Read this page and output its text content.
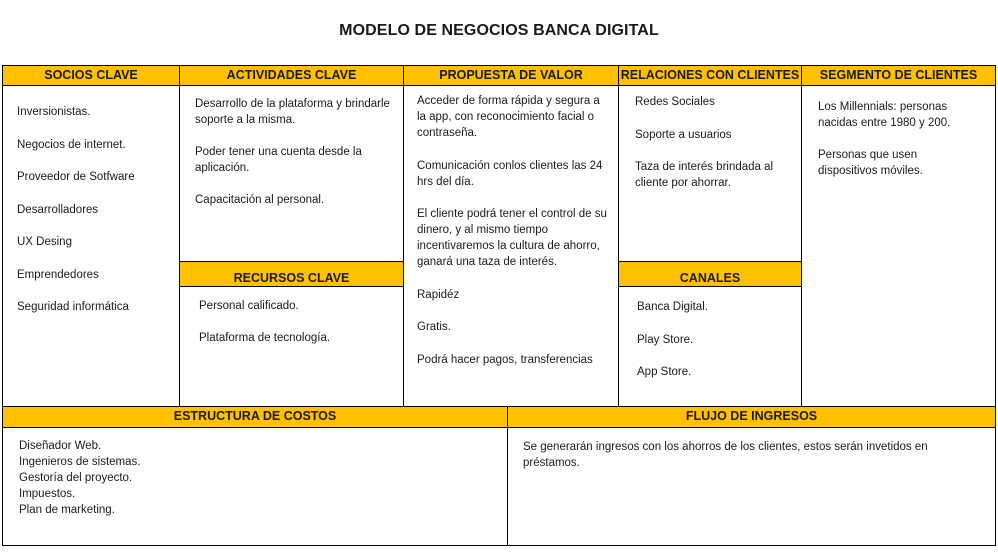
MODELO DE NEGOCIOS BANCA DIGITAL
SOCIOS CLAVE	ACTIVIDADES CLAVE	PROPUESTA DE VALOR	RELACIONES CON CLIENTES	SEGMENTO DE CLIENTES
RECURSOS CLAVE	CANALES
ESTRUCTURA DE COSTOS	FLUJO DE INGRESOS
Inversionistas.
Negocios de internet.
Proveedor de Sotfware
Desarrolladores
UX Desing
Emprendedores
Seguridad informática
Desarrollo de la plataforma y brindarle soporte a la misma.
Poder tener una cuenta desde la aplicación.
Capacitación al personal.
Personal calificado.
Plataforma de tecnología.
Acceder de forma rápida y segura a la app, con reconocimiento facial o contraseña.
Comunicación conlos clientes las 24 hrs del día.
El cliente podrá tener el control de su dinero, y al mismo tiempo incentivaremos la cultura de ahorro, ganará una taza de interés.
Rapidéz
Gratis.
Podrá hacer pagos, transferencias
Redes Sociales
Soporte a usuarios
Taza de interés brindada al cliente por ahorrar.
Banca Digital.
Play Store.
App Store.
Los Millennials: personas nacidas entre 1980 y 200.
Personas que usen dispositivos móviles.
Diseñador Web.
Ingenieros de sistemas.
Gestoría del proyecto.
Impuestos.
Plan de marketing.
Se generarán ingresos con los ahorros de los clientes, estos serán invetidos en préstamos.
